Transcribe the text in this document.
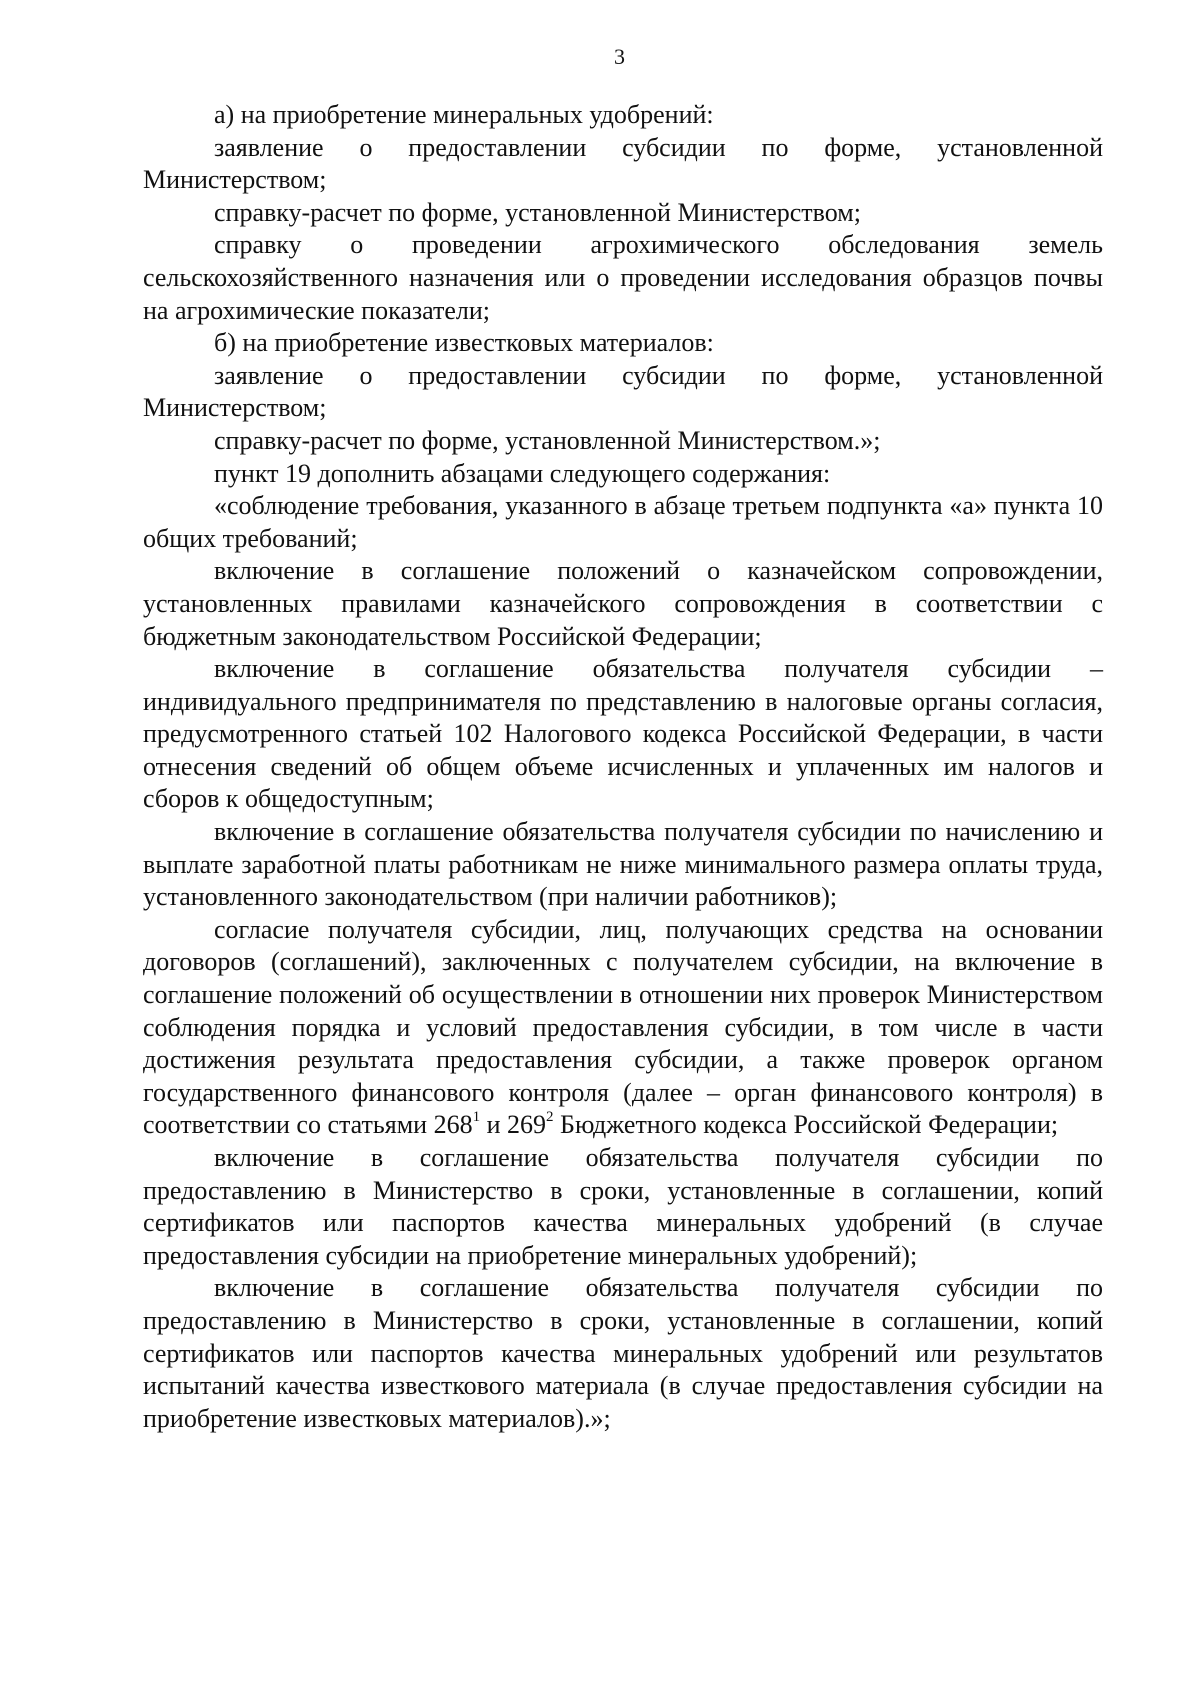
3

а) на приобретение минеральных удобрений:

заявление о предоставлении субсидии по форме, установленной Министерством;

справку-расчет по форме, установленной Министерством;

справку о проведении агрохимического обследования земель сельскохозяйственного назначения или о проведении исследования образцов почвы на агрохимические показатели;

б) на приобретение известковых материалов:

заявление о предоставлении субсидии по форме, установленной Министерством;

справку-расчет по форме, установленной Министерством.»;

пункт 19 дополнить абзацами следующего содержания:

«соблюдение требования, указанного в абзаце третьем подпункта «а» пункта 10 общих требований;

включение в соглашение положений о казначейском сопровождении, установленных правилами казначейского сопровождения в соответствии с бюджетным законодательством Российской Федерации;

включение в соглашение обязательства получателя субсидии – индивидуального предпринимателя по представлению в налоговые органы согласия, предусмотренного статьей 102 Налогового кодекса Российской Федерации, в части отнесения сведений об общем объеме исчисленных и уплаченных им налогов и сборов к общедоступным;

включение в соглашение обязательства получателя субсидии по начислению и выплате заработной платы работникам не ниже минимального размера оплаты труда, установленного законодательством (при наличии работников);

согласие получателя субсидии, лиц, получающих средства на основании договоров (соглашений), заключенных с получателем субсидии, на включение в соглашение положений об осуществлении в отношении них проверок Министерством соблюдения порядка и условий предоставления субсидии, в том числе в части достижения результата предоставления субсидии, а также проверок органом государственного финансового контроля (далее – орган финансового контроля) в соответствии со статьями $268^1$ и $269^2$ Бюджетного кодекса Российской Федерации;

включение в соглашение обязательства получателя субсидии по предоставлению в Министерство в сроки, установленные в соглашении, копий сертификатов или паспортов качества минеральных удобрений (в случае предоставления субсидии на приобретение минеральных удобрений);

включение в соглашение обязательства получателя субсидии по предоставлению в Министерство в сроки, установленные в соглашении, копий сертификатов или паспортов качества минеральных удобрений или результатов испытаний качества известкового материала (в случае предоставления субсидии на приобретение известковых материалов).»;
